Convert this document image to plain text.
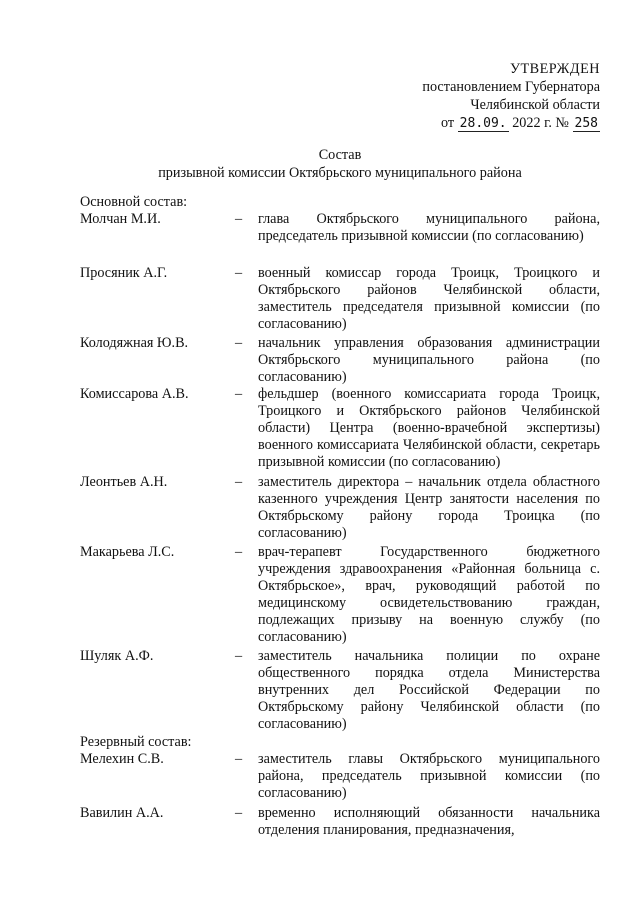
УТВЕРЖДЕН
постановлением Губернатора
Челябинской области
от 28.09. 2022 г. № 258
Состав
призывной комиссии Октябрьского муниципального района
Основной состав:
Молчан М.И.	– глава Октябрьского муниципального района, председатель призывной комиссии (по согласованию)
Просяник А.Г.	– военный комиссар города Троицк, Троицкого и Октябрьского районов Челябинской области, заместитель председателя призывной комиссии (по согласованию)
Колодяжная Ю.В.	– начальник управления образования администрации Октябрьского муниципального района (по согласованию)
Комиссарова А.В.	– фельдшер (военного комиссариата города Троицк, Троицкого и Октябрьского районов Челябинской области) Центра (военно-врачебной экспертизы) военного комиссариата Челябинской области, секретарь призывной комиссии (по согласованию)
Леонтьев А.Н.	– заместитель директора – начальник отдела областного казенного учреждения Центр занятости населения по Октябрьскому району города Троицка (по согласованию)
Макарьева Л.С.	– врач-терапевт Государственного бюджетного учреждения здравоохранения «Районная больница с. Октябрьское», врач, руководящий работой по медицинскому освидетельствованию граждан, подлежащих призыву на военную службу (по согласованию)
Шуляк А.Ф.	– заместитель начальника полиции по охране общественного порядка отдела Министерства внутренних дел Российской Федерации по Октябрьскому району Челябинской области (по согласованию)
Резервный состав:
Мелехин С.В.	– заместитель главы Октябрьского муниципального района, председатель призывной комиссии (по согласованию)
Вавилин А.А.	– временно исполняющий обязанности начальника отделения планирования, предназначения,
